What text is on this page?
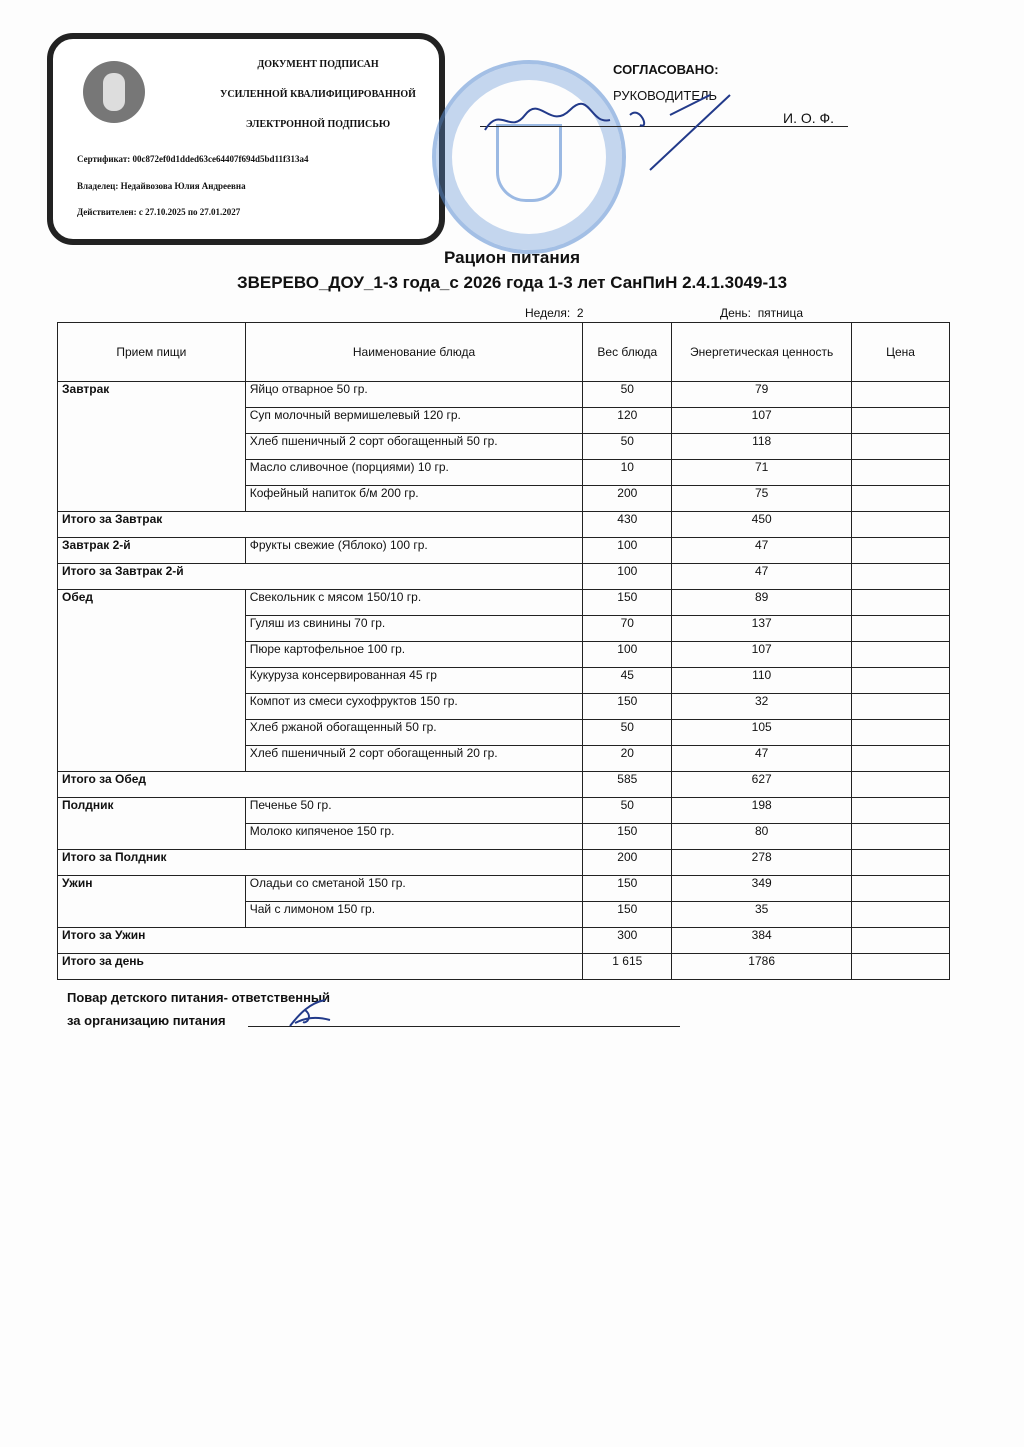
ДОКУМЕНТ ПОДПИСАН
УСИЛЕННОЙ КВАЛИФИЦИРОВАННОЙ
ЭЛЕКТРОННОЙ ПОДПИСЬЮ
Сертификат: 00c872ef0d1dded63ce64407f694d5bd11f313a4
Владелец: Недайвозова Юлия Андреевна
Действителен: с 27.10.2025 по 27.01.2027
СОГЛАСОВАНО:
РУКОВОДИТЕЛЬ
И. О. Ф.
Рацион питания
ЗВЕРЕВО_ДОУ_1-3 года_с 2026 года 1-3 лет СанПиН 2.4.1.3049-13
Неделя: 2	День: пятница
Прием пищи	Наименование блюда	Вес блюда	Энергетическая ценность	Цена
Завтрак	Яйцо отварное 50 гр.	50	79	
	Суп молочный вермишелевый 120 гр.	120	107	
	Хлеб пшеничный 2 сорт обогащенный 50 гр.	50	118	
	Масло сливочное (порциями) 10 гр.	10	71	
	Кофейный напиток б/м 200 гр.	200	75	
Итого за Завтрак		430	450	
Завтрак 2-й	Фрукты свежие (Яблоко) 100 гр.	100	47	
Итого за Завтрак 2-й		100	47	
Обед	Свекольник с мясом 150/10 гр.	150	89	
	Гуляш из свинины 70 гр.	70	137	
	Пюре картофельное 100 гр.	100	107	
	Кукуруза консервированная 45 гр	45	110	
	Компот из смеси сухофруктов 150 гр.	150	32	
	Хлеб ржаной обогащенный 50 гр.	50	105	
	Хлеб пшеничный 2 сорт обогащенный 20 гр.	20	47	
Итого за Обед		585	627	
Полдник	Печенье 50 гр.	50	198	
	Молоко кипяченое 150 гр.	150	80	
Итого за Полдник		200	278	
Ужин	Оладьи со сметаной 150 гр.	150	349	
	Чай с лимоном 150 гр.	150	35	
Итого за Ужин		300	384	
Итого за день		1 615	1786	
Повар детского питания- ответственный
за организацию питания
